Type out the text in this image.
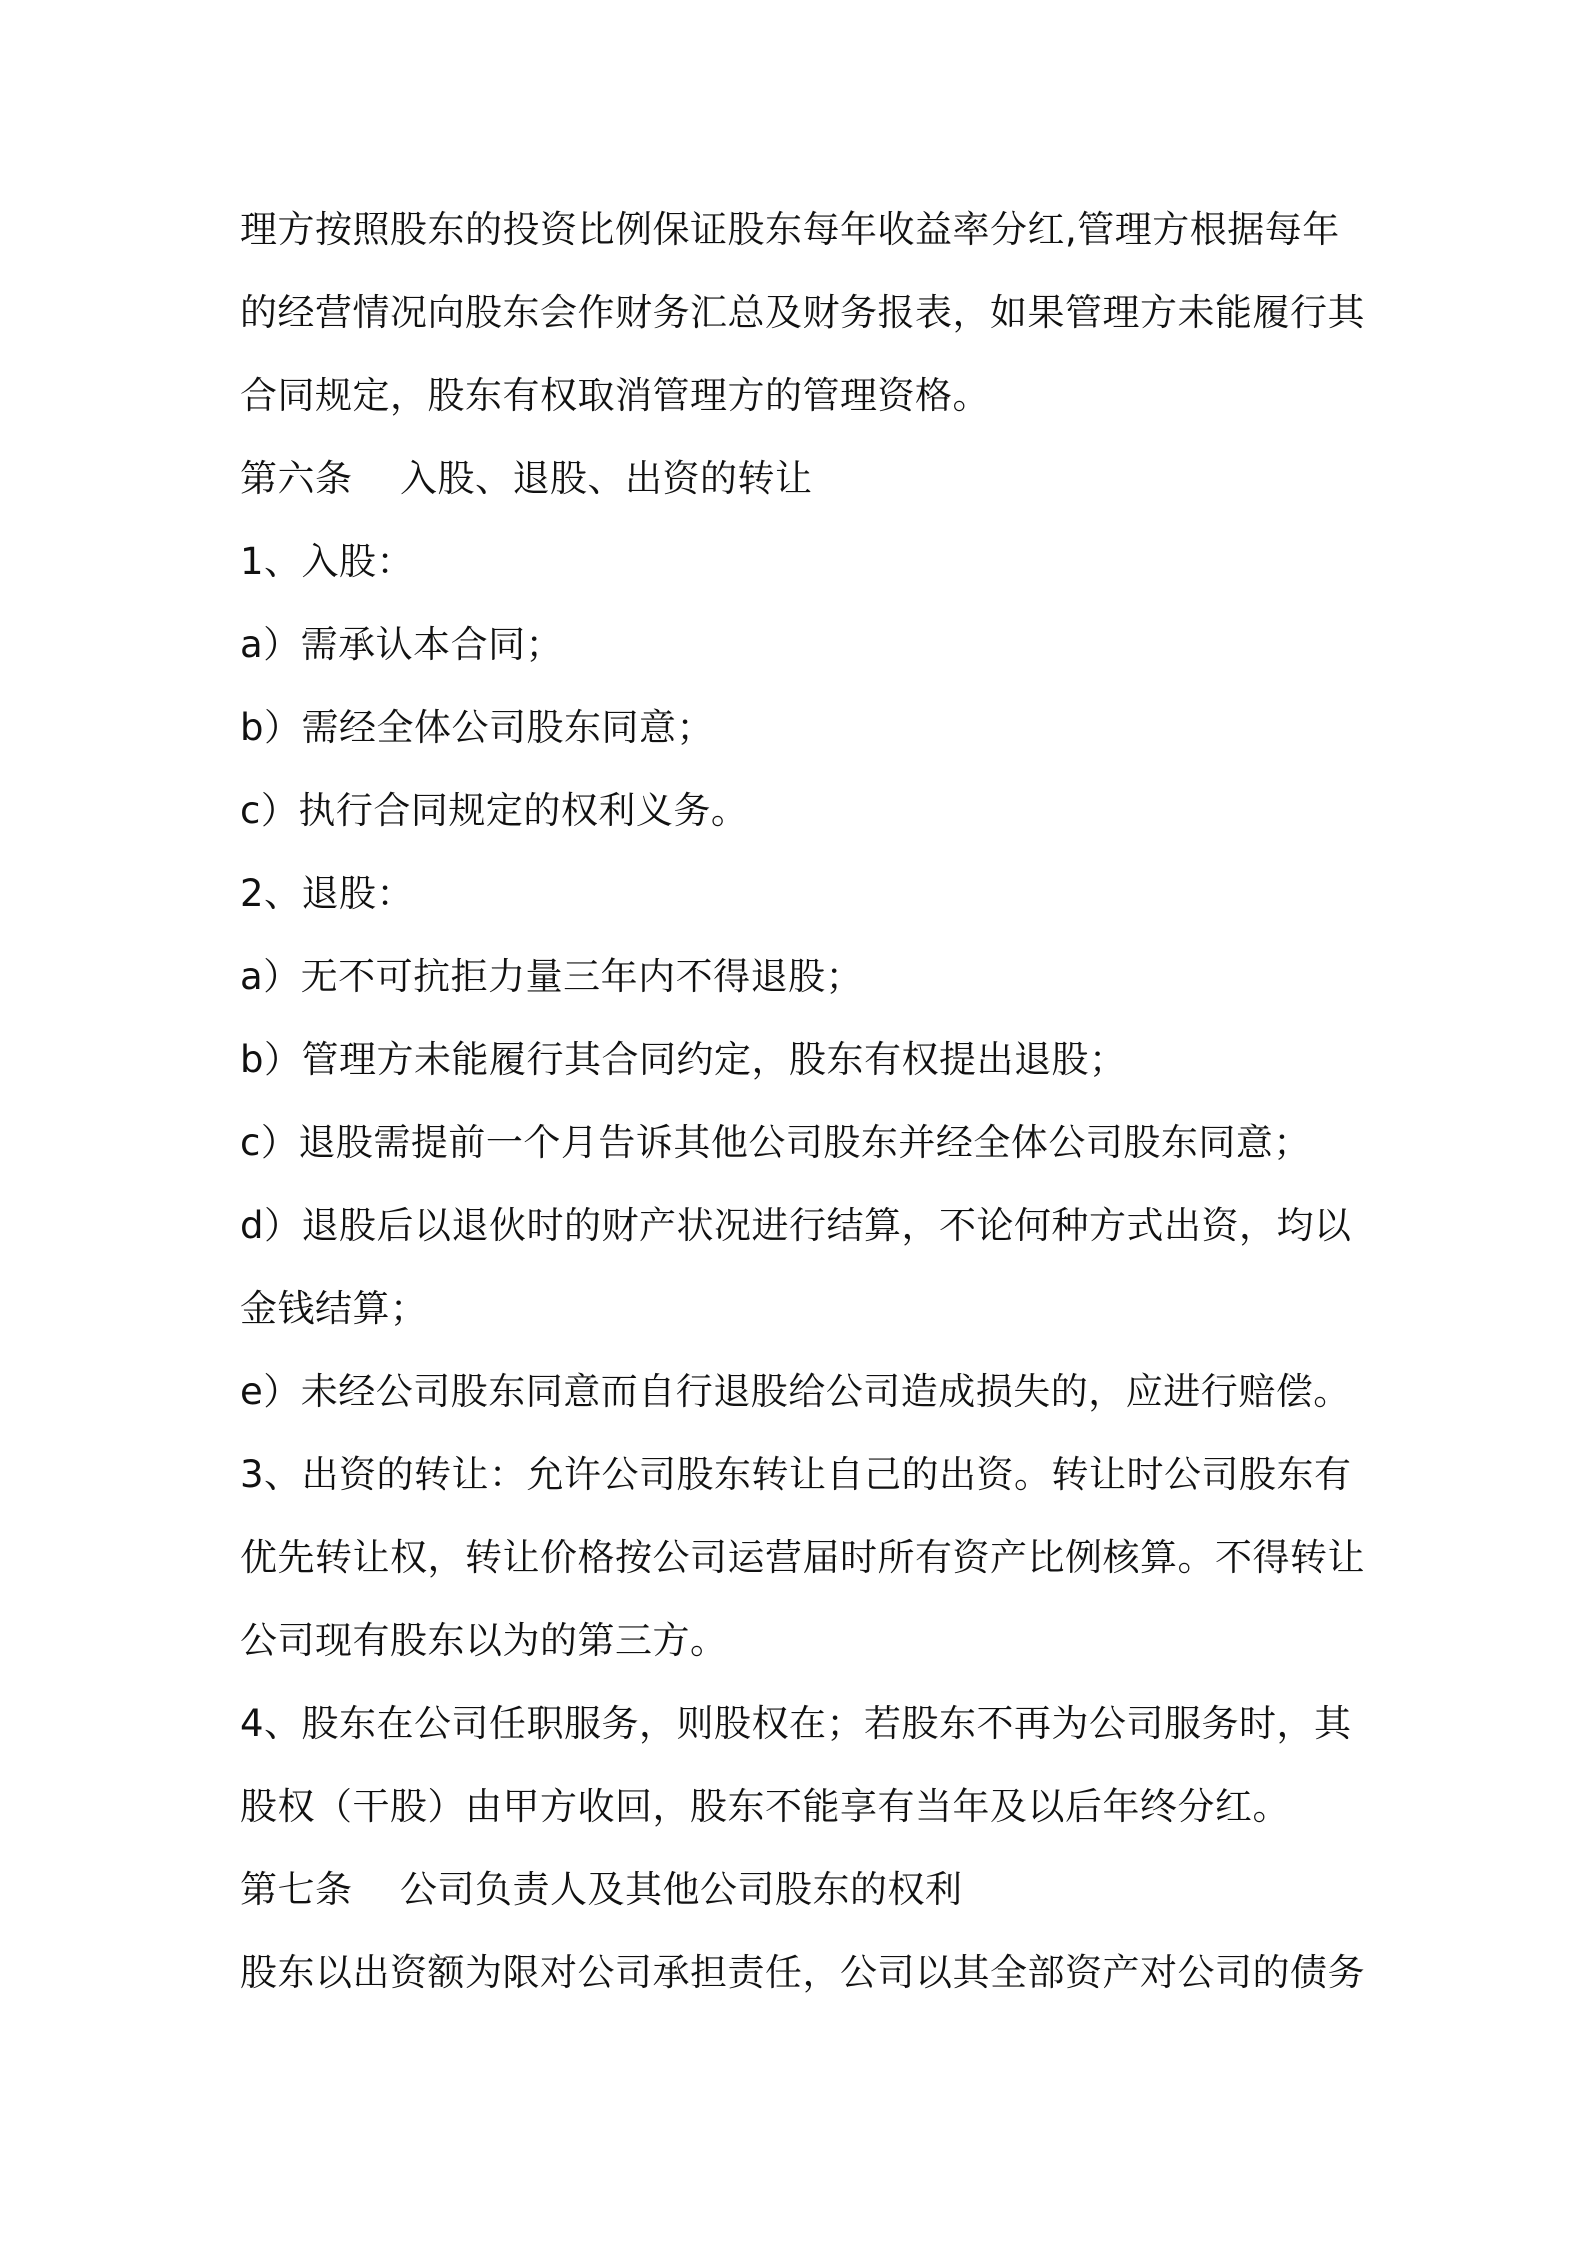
理方按照股东的投资比例保证股东每年收益率分红,管理方根据每年
的经营情况向股东会作财务汇总及财务报表，如果管理方未能履行其
合同规定，股东有权取消管理方的管理资格。
第六条 入股、退股、出资的转让
1、入股：
a）需承认本合同；
b）需经全体公司股东同意；
c）执行合同规定的权利义务。
2、退股：
a）无不可抗拒力量三年内不得退股；
b）管理方未能履行其合同约定，股东有权提出退股；
c）退股需提前一个月告诉其他公司股东并经全体公司股东同意；
d）退股后以退伙时的财产状况进行结算，不论何种方式出资，均以
金钱结算；
e）未经公司股东同意而自行退股给公司造成损失的，应进行赔偿。
3、出资的转让：允许公司股东转让自己的出资。转让时公司股东有
优先转让权，转让价格按公司运营届时所有资产比例核算。不得转让
公司现有股东以为的第三方。
4、股东在公司任职服务，则股权在；若股东不再为公司服务时，其
股权（干股）由甲方收回，股东不能享有当年及以后年终分红。
第七条 公司负责人及其他公司股东的权利
股东以出资额为限对公司承担责任，公司以其全部资产对公司的债务
